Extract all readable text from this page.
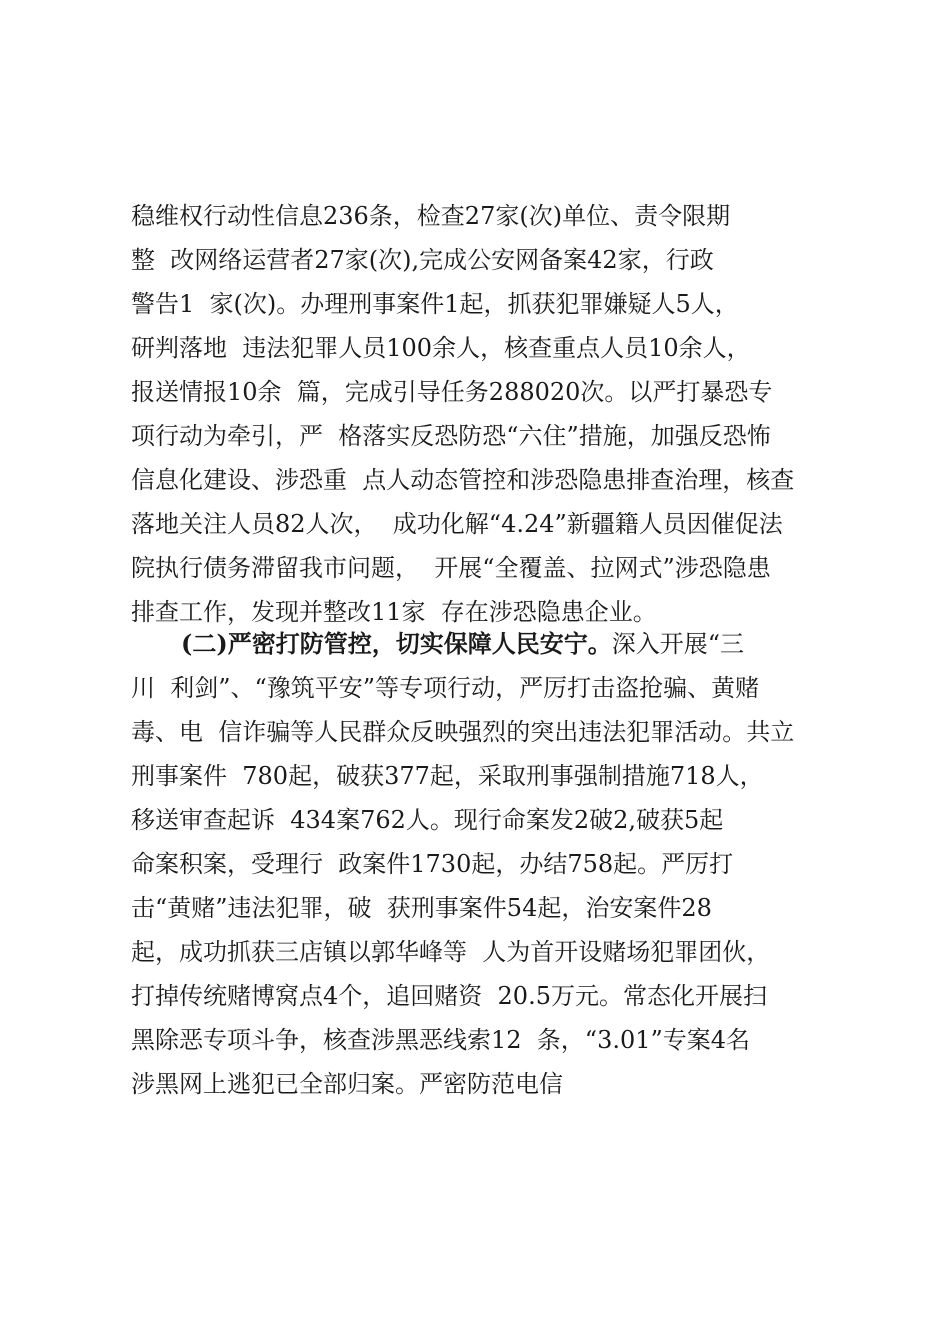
稳维权行动性信息236条，检查27家(次)单位、责令限期
整  改网络运营者27家(次),完成公安网备案42家，行政
警告1  家(次)。办理刑事案件1起，抓获犯罪嫌疑人5人，
研判落地  违法犯罪人员100余人，核查重点人员10余人，
报送情报10余  篇，完成引导任务288020次。以严打暴恐专
项行动为牵引，严  格落实反恐防恐“六住”措施，加强反恐怖
信息化建设、涉恐重  点人动态管控和涉恐隐患排查治理，核查
落地关注人员82人次，  成功化解“4.24”新疆籍人员因催促法
院执行债务滞留我市问题，  开展“全覆盖、拉网式”涉恐隐患
排查工作，发现并整改11家  存在涉恐隐患企业。
(二)严密打防管控，切实保障人民安宁。深入开展“三
川  利剑”、“豫筑平安”等专项行动，严厉打击盗抢骗、黄赌
毒、电  信诈骗等人民群众反映强烈的突出违法犯罪活动。共立
刑事案件  780起，破获377起，采取刑事强制措施718人，
移送审查起诉  434案762人。现行命案发2破2,破获5起
命案积案，受理行  政案件1730起，办结758起。严厉打
击“黄赌”违法犯罪，破  获刑事案件54起，治安案件28
起，成功抓获三店镇以郭华峰等  人为首开设赌场犯罪团伙，
打掉传统赌博窝点4个，追回赌资  20.5万元。常态化开展扫
黑除恶专项斗争，核查涉黑恶线索12  条，“3.01”专案4名
涉黑网上逃犯已全部归案。严密防范电信
